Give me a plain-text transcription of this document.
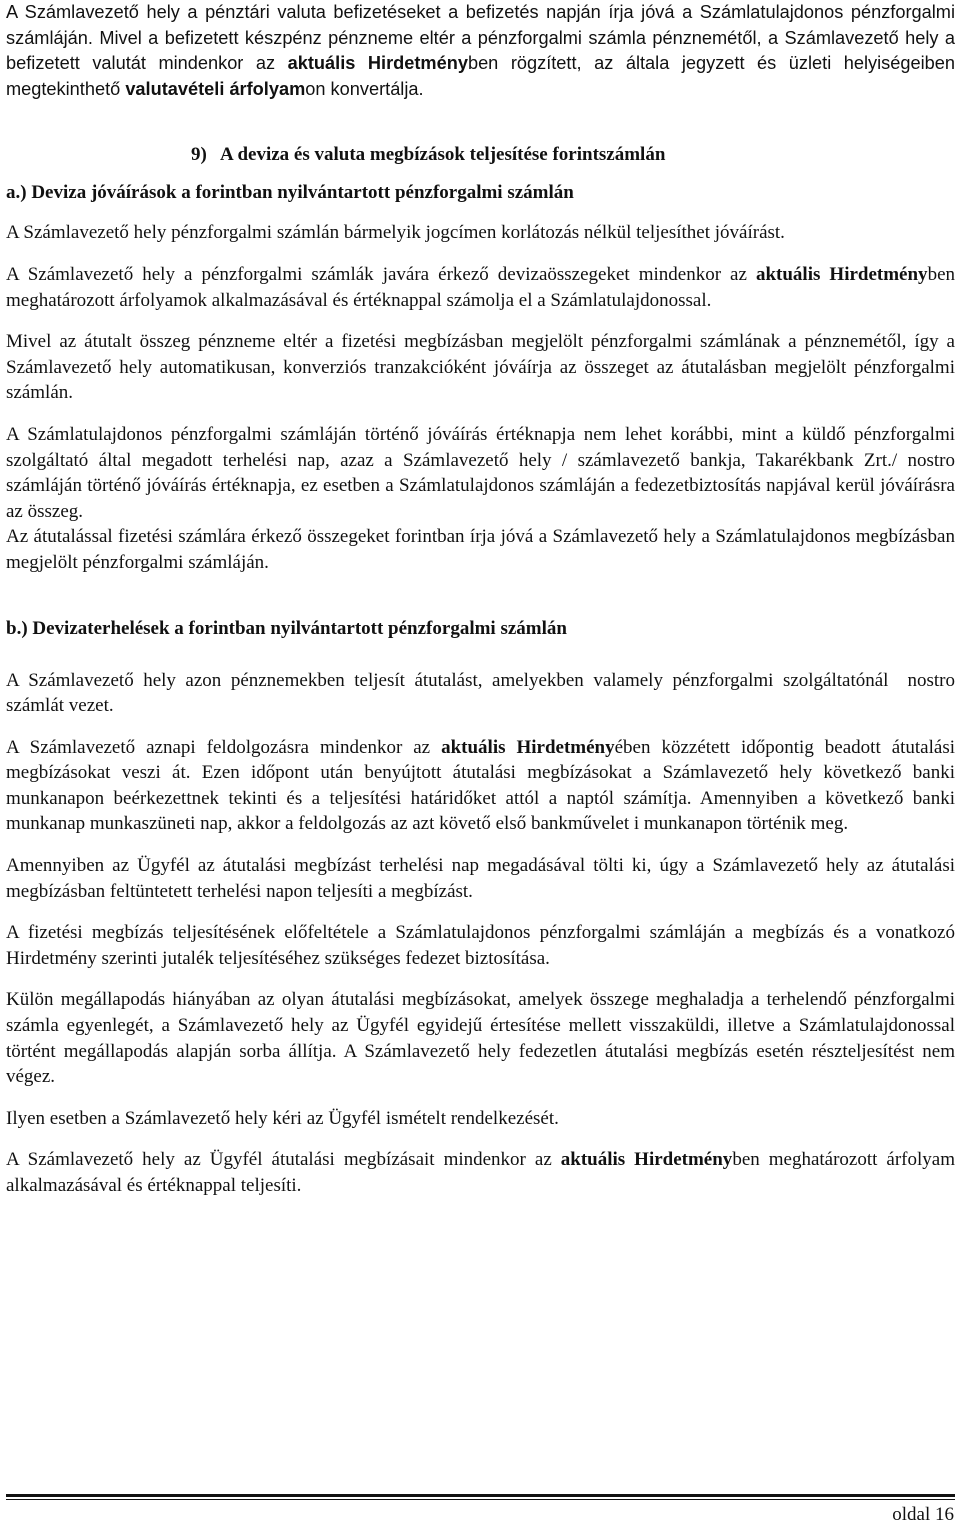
A Számlavezető hely a pénztári valuta befizetéseket a befizetés napján írja jóvá a Számlatulajdonos pénzforgalmi számláján. Mivel a befizetett készpénz pénzneme eltér a pénzforgalmi számla pénznemétől, a Számlavezető hely a befizetett valutát mindenkor az aktuális Hirdetményben rögzített, az általa jegyzett és üzleti helyiségeiben megtekinthető valutavételi árfolyamon konvertálja.

9)   A deviza és valuta megbízások teljesítése forintszámlán

a.) Deviza jóváírások a forintban nyilvántartott pénzforgalmi számlán

A Számlavezető hely pénzforgalmi számlán bármelyik jogcímen korlátozás nélkül teljesíthet jóváírást.

A Számlavezető hely a pénzforgalmi számlák javára érkező devizaösszegeket mindenkor az aktuális Hirdetményben meghatározott árfolyamok alkalmazásával és értéknappal számolja el a Számlatulajdonossal.

Mivel az átutalt összeg pénzneme eltér a fizetési megbízásban megjelölt pénzforgalmi számlának a pénznemétől, így a Számlavezető hely automatikusan, konverziós tranzakcióként jóváírja az összeget az átutalásban megjelölt pénzforgalmi számlán.

A Számlatulajdonos pénzforgalmi számláján történő jóváírás értéknapja nem lehet korábbi, mint a küldő pénzforgalmi szolgáltató által megadott terhelési nap, azaz a Számlavezető hely / számlavezető bankja, Takarékbank Zrt./ nostro számláján történő jóváírás értéknapja, ez esetben a Számlatulajdonos számláján a fedezetbiztosítás napjával kerül jóváírásra az összeg.

Az átutalással fizetési számlára érkező összegeket forintban írja jóvá a Számlavezető hely a Számlatulajdonos megbízásban megjelölt pénzforgalmi számláján.

b.) Devizaterhelések a forintban nyilvántartott pénzforgalmi számlán

A Számlavezető hely azon pénznemekben teljesít átutalást, amelyekben valamely pénzforgalmi szolgáltatónál  nostro számlát vezet.

A Számlavezető aznapi feldolgozásra mindenkor az aktuális Hirdetményében közzétett időpontig beadott átutalási megbízásokat veszi át. Ezen időpont után benyújtott átutalási megbízásokat a Számlavezető hely következő banki munkanapon beérkezettnek tekinti és a teljesítési határidőket attól a naptól számítja. Amennyiben a következő banki munkanap munkaszüneti nap, akkor a feldolgozás az azt követő első bankművelet i munkanapon történik meg.

Amennyiben az Ügyfél az átutalási megbízást terhelési nap megadásával tölti ki, úgy a Számlavezető hely az átutalási megbízásban feltüntetett terhelési napon teljesíti a megbízást.

A fizetési megbízás teljesítésének előfeltétele a Számlatulajdonos pénzforgalmi számláján a megbízás és a vonatkozó Hirdetmény szerinti jutalék teljesítéséhez szükséges fedezet biztosítása.

Külön megállapodás hiányában az olyan átutalási megbízásokat, amelyek összege meghaladja a terhelendő pénzforgalmi számla egyenlegét, a Számlavezető hely az Ügyfél egyidejű értesítése mellett visszaküldi, illetve a Számlatulajdonossal történt megállapodás alapján sorba állítja. A Számlavezető hely fedezetlen átutalási megbízás esetén részteljesítést nem végez.

Ilyen esetben a Számlavezető hely kéri az Ügyfél ismételt rendelkezését.

A Számlavezető hely az Ügyfél átutalási megbízásait mindenkor az aktuális Hirdetményben meghatározott árfolyam alkalmazásával és értéknappal teljesíti.

oldal 16
